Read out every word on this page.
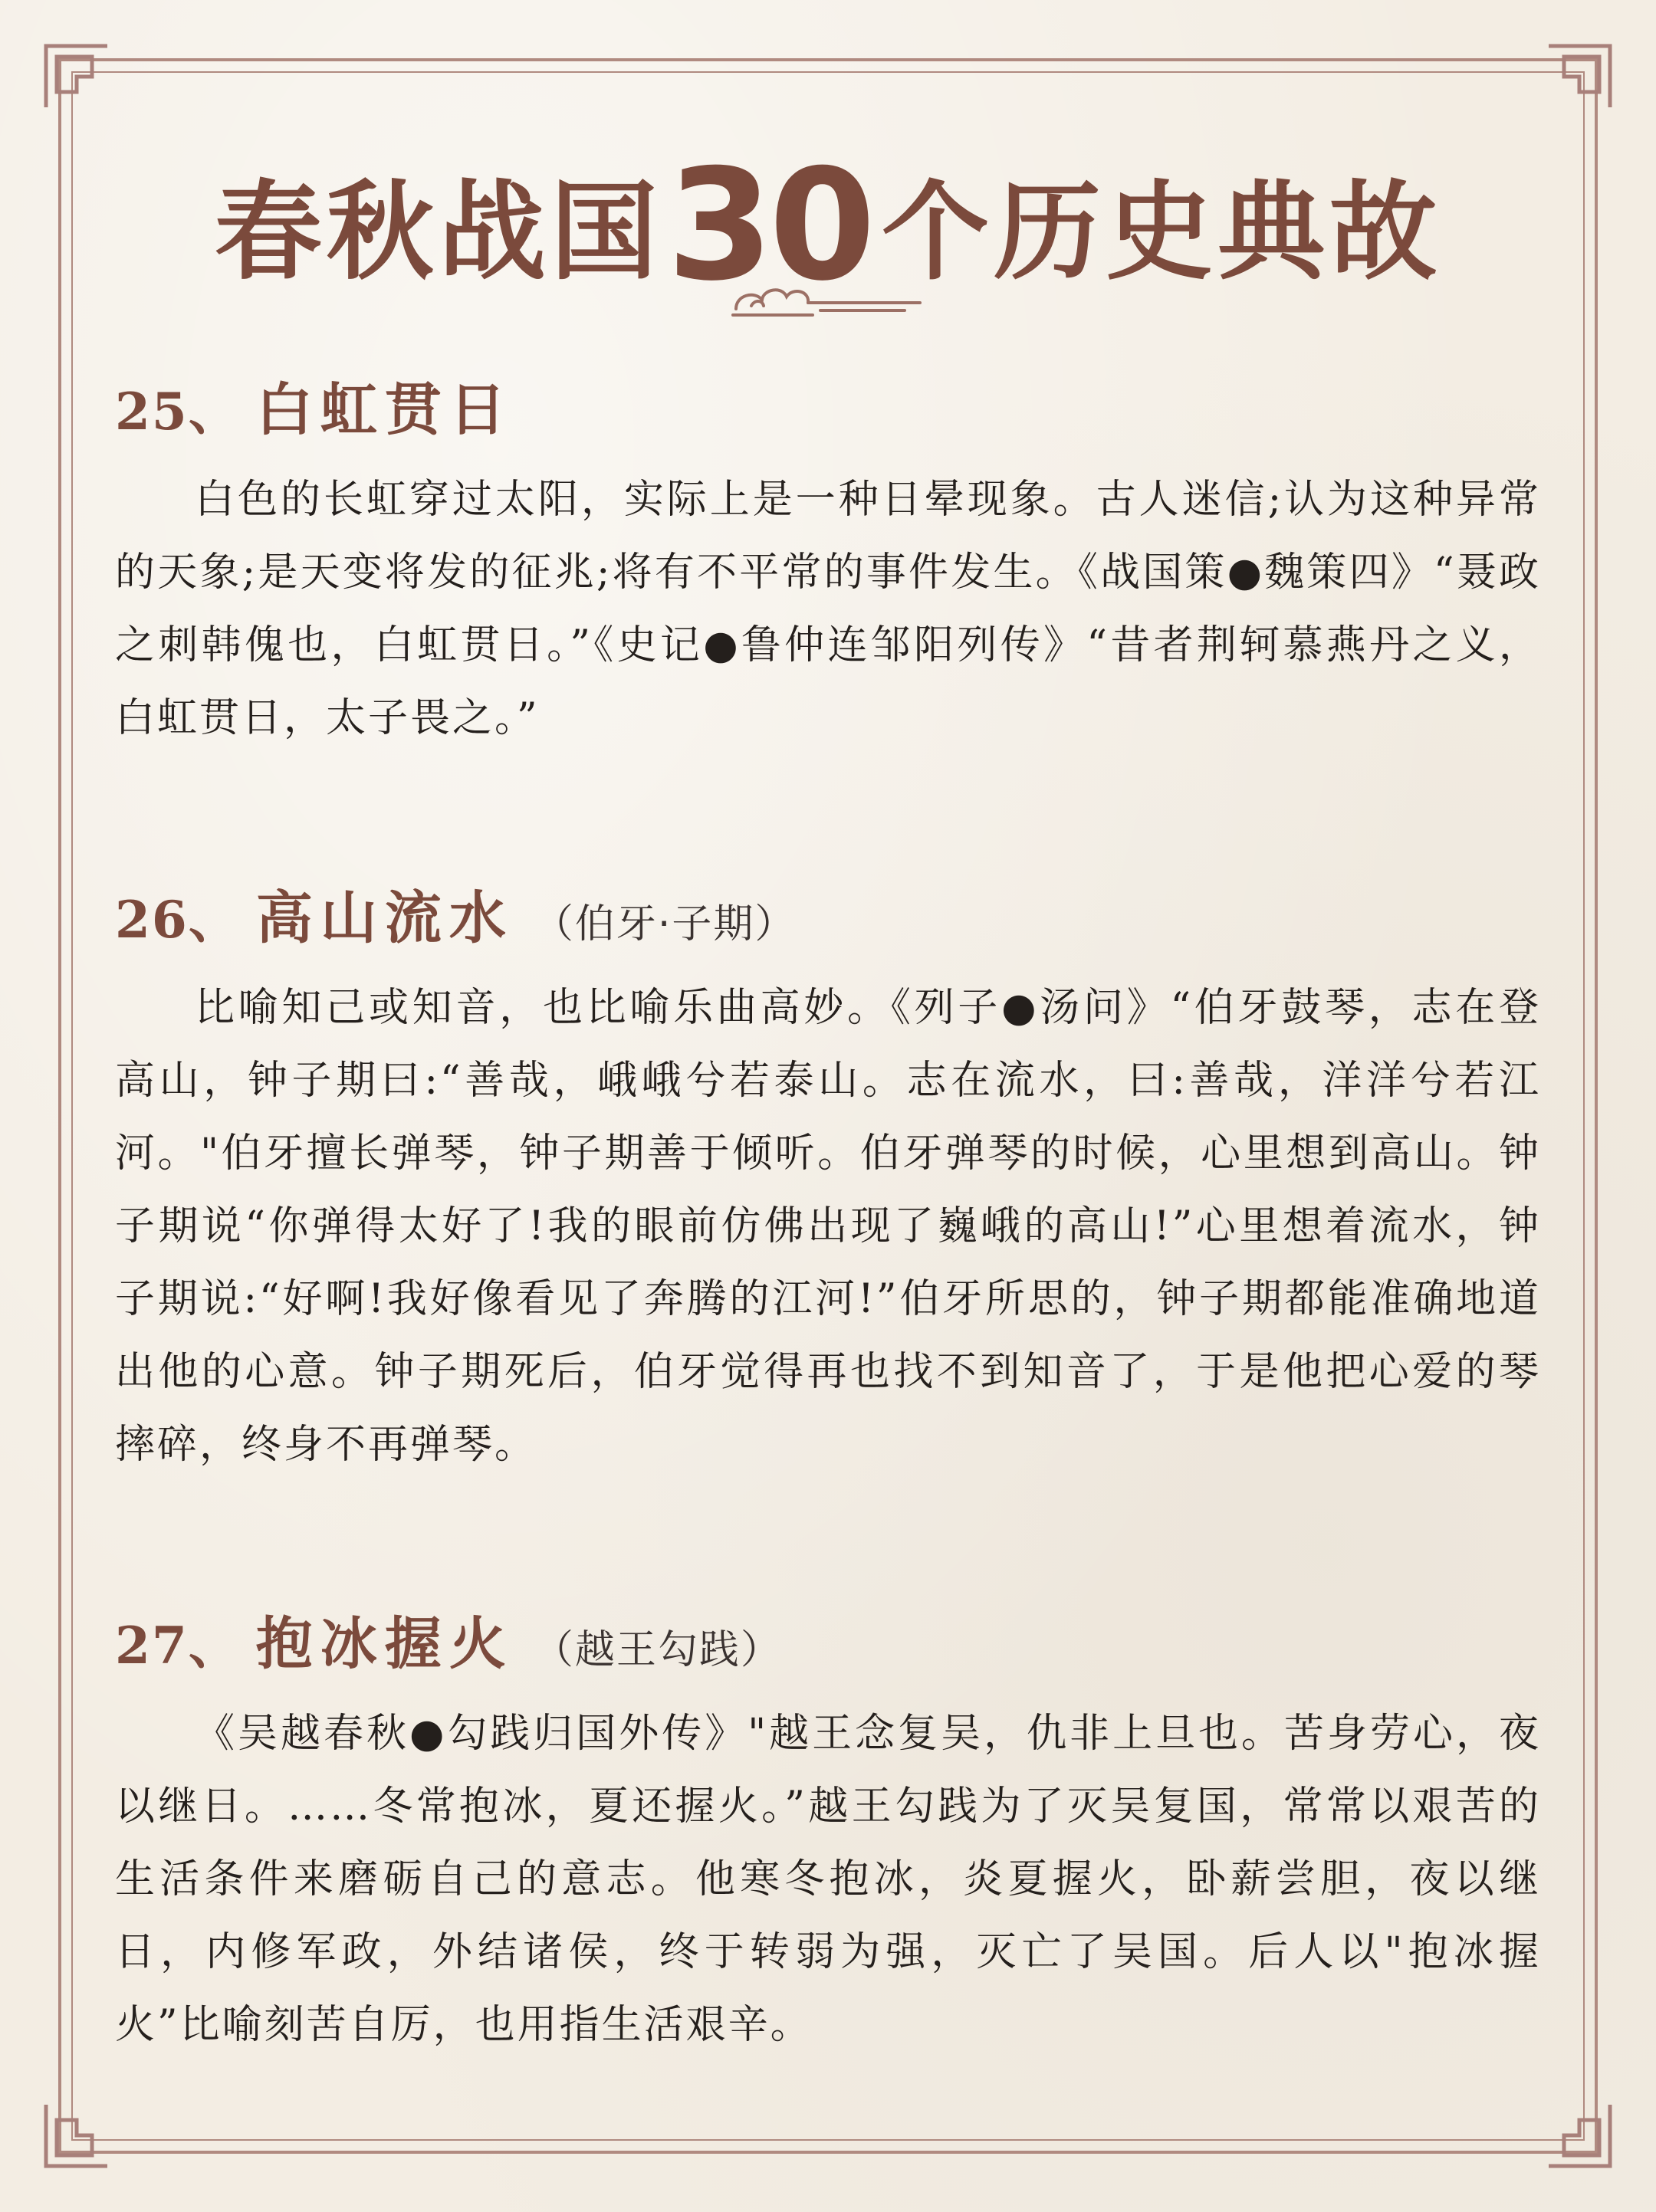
春秋战国30 个历史典故
25、 白虹贯日
白色的长虹穿过太阳，实际上是一种日晕现象。古人迷信;认为这种异常的天象;是天变将发的征兆;将有不平常的事件发生。《战国策●魏策四》“聂政之刺韩傀也，白虹贯日。”《史记●鲁仲连邹阳列传》“昔者荆轲慕燕丹之义，白虹贯日，太子畏之。”
26、 高山流水 （伯牙·子期）
比喻知己或知音，也比喻乐曲高妙。《列子●汤问》“伯牙鼓琴，志在登高山，钟子期曰:“善哉，峨峨兮若泰山。志在流水，曰:善哉，洋洋兮若江河。"伯牙擅长弹琴，钟子期善于倾听。伯牙弹琴的时候，心里想到高山。钟子期说“你弹得太好了!我的眼前仿佛出现了巍峨的高山!”心里想着流水，钟子期说:“好啊!我好像看见了奔腾的江河!”伯牙所思的，钟子期都能准确地道出他的心意。钟子期死后，伯牙觉得再也找不到知音了，于是他把心爱的琴摔碎，终身不再弹琴。
27、 抱冰握火 （越王勾践）
《吴越春秋●勾践归国外传》"越王念复吴，仇非上旦也。苦身劳心，夜以继日。……冬常抱冰，夏还握火。”越王勾践为了灭吴复国，常常以艰苦的生活条件来磨砺自己的意志。他寒冬抱冰，炎夏握火，卧薪尝胆，夜以继日，内修军政，外结诸侯，终于转弱为强，灭亡了吴国。后人以"抱冰握火”比喻刻苦自厉，也用指生活艰辛。
